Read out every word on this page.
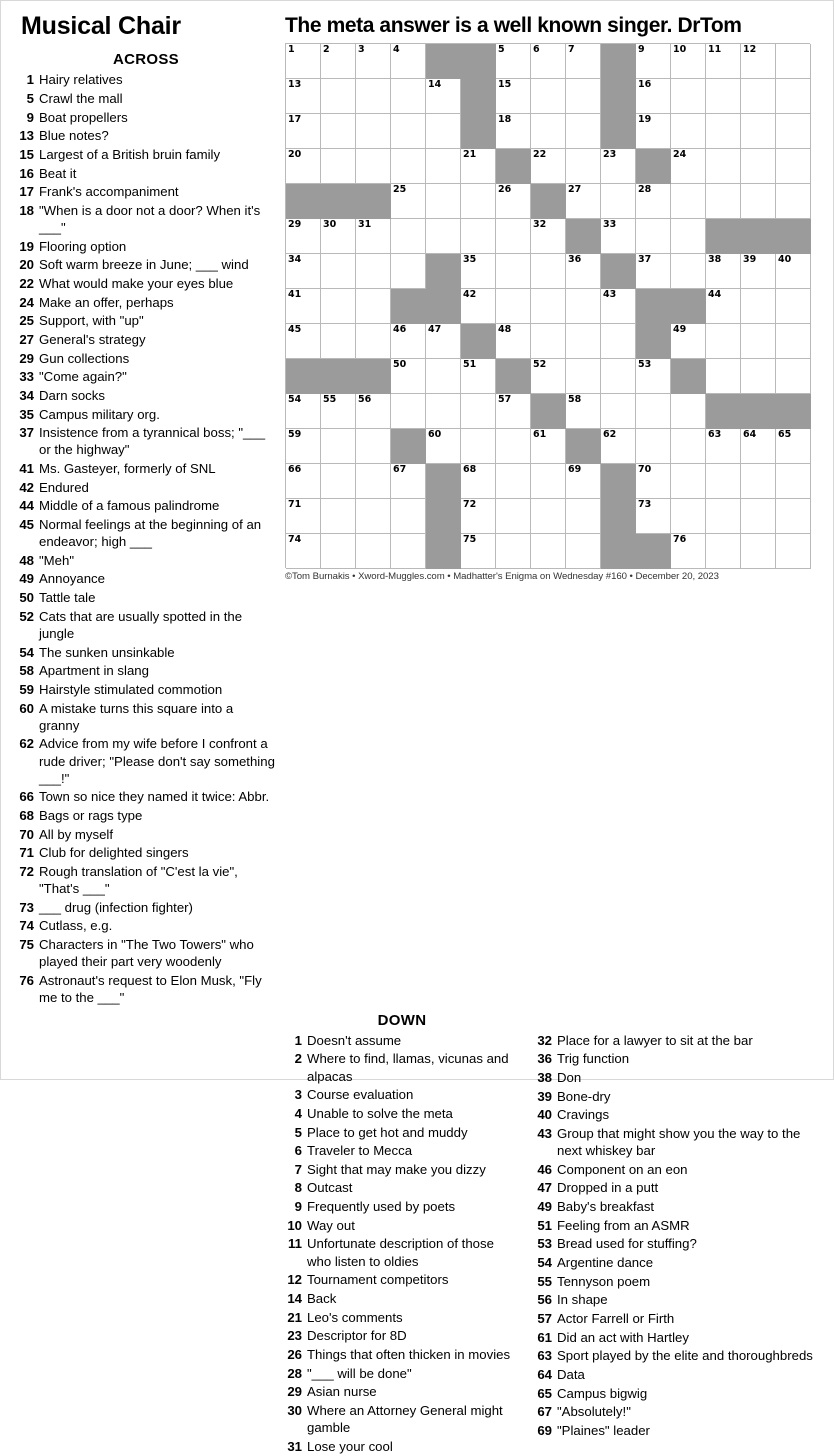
Musical Chair
ACROSS
1 Hairy relatives
5 Crawl the mall
9 Boat propellers
13 Blue notes?
15 Largest of a British bruin family
16 Beat it
17 Frank's accompaniment
18 "When is a door not a door? When it's ___"
19 Flooring option
20 Soft warm breeze in June; ___ wind
22 What would make your eyes blue
24 Make an offer, perhaps
25 Support, with "up"
27 General's strategy
29 Gun collections
33 "Come again?"
34 Darn socks
35 Campus military org.
37 Insistence from a tyrannical boss; "___ or the highway"
41 Ms. Gasteyer, formerly of SNL
42 Endured
44 Middle of a famous palindrome
45 Normal feelings at the beginning of an endeavor; high ___
48 "Meh"
49 Annoyance
50 Tattle tale
52 Cats that are usually spotted in the jungle
54 The sunken unsinkable
58 Apartment in slang
59 Hairstyle stimulated commotion
60 A mistake turns this square into a granny
62 Advice from my wife before I confront a rude driver; "Please don't say something ___!"
66 Town so nice they named it twice: Abbr.
68 Bags or rags type
70 All by myself
71 Club for delighted singers
72 Rough translation of "C'est la vie", "That's ___"
73 ___ drug (infection fighter)
74 Cutlass, e.g.
75 Characters in "The Two Towers" who played their part very woodenly
76 Astronaut's request to Elon Musk, "Fly me to the ___"
The meta answer is a well known singer. DrTom
1	2	3	4	5	6	7	9	10 11 12
13	14	15	16
17	18	19
20	21	22	23	24
25	26	27	28
29 30 31	32	33
34	35	36	37	38 39 40
41	42	43	44
45	46 47	48	49
50	51	52	53
54 55 56	57	58
59	60	61	62	63 64 65
66	67	68	69	70
71	72	73
74	75	76
©Tom Burnakis • Xword-Muggles.com • Madhatter's Enigma on Wednesday #160 • December 20, 2023
DOWN
1 Doesn't assume
2 Where to find, llamas, vicunas and alpacas
3 Course evaluation
4 Unable to solve the meta
5 Place to get hot and muddy
6 Traveler to Mecca
7 Sight that may make you dizzy
8 Outcast
9 Frequently used by poets
10 Way out
11 Unfortunate description of those who listen to oldies
12 Tournament competitors
14 Back
21 Leo's comments
23 Descriptor for 8D
26 Things that often thicken in movies
28 "___ will be done"
29 Asian nurse
30 Where an Attorney General might gamble
31 Lose your cool
32 Place for a lawyer to sit at the bar
36 Trig function
38 Don
39 Bone-dry
40 Cravings
43 Group that might show you the way to the next whiskey bar
46 Component on an eon
47 Dropped in a putt
49 Baby's breakfast
51 Feeling from an ASMR
53 Bread used for stuffing?
54 Argentine dance
55 Tennyson poem
56 In shape
57 Actor Farrell or Firth
61 Did an act with Hartley
63 Sport played by the elite and thoroughbreds
64 Data
65 Campus bigwig
67 "Absolutely!"
69 "Plaines" leader
